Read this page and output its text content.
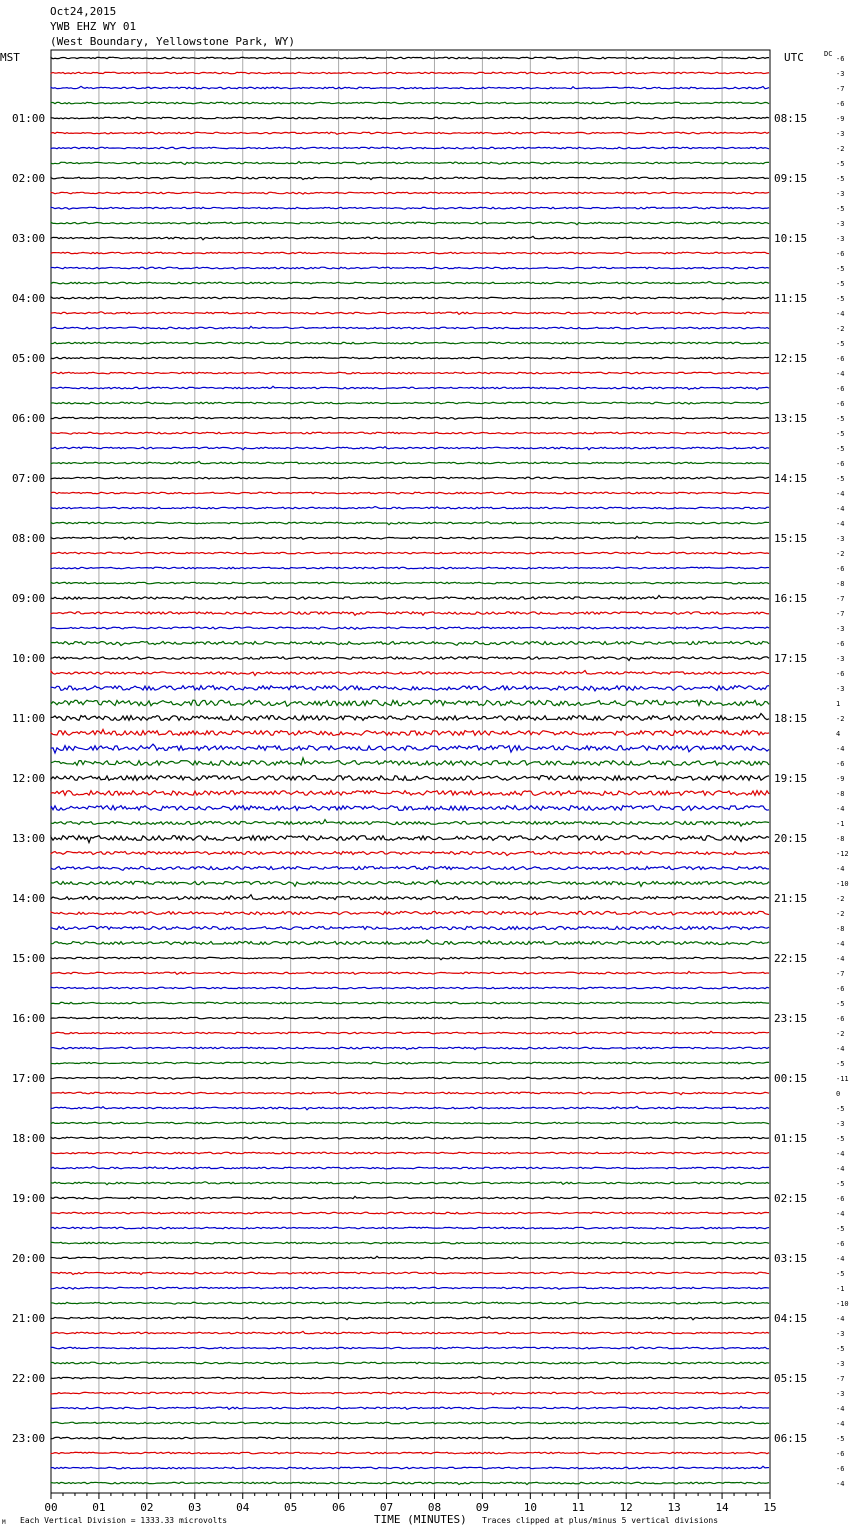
Oct24,2015
YWB EHZ WY 01
(West Boundary, Yellowstone Park, WY)
MST	UTC	DC
-6
-3
-7
-6
-9
-3
-2
-5
-5
-3
-5
-3
-3
-6
-5
-5
-5
-4
-2
-5
-6
-4
-6
-6
-5
-5
-5
-6
-5
-4
-4
-4
-3
-2
-6
-8
-7
-7
-3
-6
-3
-6
-3
1
-2
4
-4
-6
-9
-8
-4
-1
-8
-12
-4
-10
-2
-2
-8
-4
-4
-7
-6
-5
-6
-2
-4
-5
-11
0
-5
-3
-5
-4
-4
-5
-6
-4
-5
-6
-4
-5
-1
-10
-4
-3
-5
-3
-7
-3
-4
-4
-5
-6
-6
-4
01:00	08:15
02:00	09:15
03:00	10:15
04:00	11:15
05:00	12:15
06:00	13:15
07:00	14:15
08:00	15:15
09:00	16:15
10:00	17:15
11:00	18:15
12:00	19:15
13:00	20:15
14:00	21:15
15:00	22:15
16:00	23:15
17:00	00:15
18:00	01:15
19:00	02:15
20:00	03:15
21:00	04:15
22:00	05:15
23:00	06:15
00	01	02	03	04	05	06	07	08	09	10	11	12	13	14	15
M Each Vertical Division = 1333.33 microvolts	TIME (MINUTES) Traces clipped at plus/minus 5 vertical divisions
